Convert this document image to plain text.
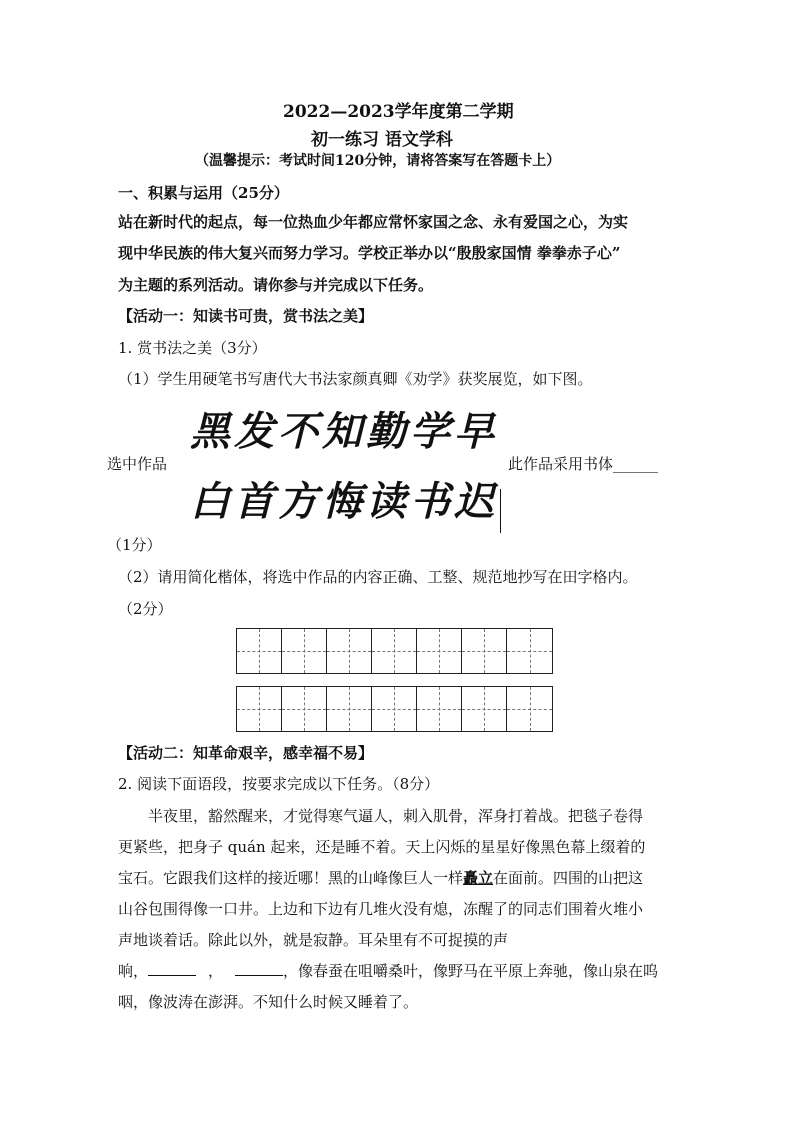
2022—2023学年度第二学期
初一练习 语文学科
（温馨提示：考试时间120分钟，请将答案写在答题卡上）
一、积累与运用（25分）
站在新时代的起点，每一位热血少年都应常怀家国之念、永有爱国之心，为实
现中华民族的伟大复兴而努力学习。学校正举办以“殷殷家国情 拳拳赤子心”
为主题的系列活动。请你参与并完成以下任务。
【活动一：知读书可贵，赏书法之美】
1. 赏书法之美（3分）
（1）学生用硬笔书写唐代大书法家颜真卿《劝学》获奖展览，如下图。
选中作品
黑发不知勤学早
白首方悔读书迟
此作品采用书体______
（1分）
（2）请用简化楷体，将选中作品的内容正确、工整、规范地抄写在田字格内。
（2分）
【活动二：知革命艰辛，感幸福不易】
2. 阅读下面语段，按要求完成以下任务。（8分）
半夜里，豁然醒来，才觉得寒气逼人，刺入肌骨，浑身打着战。把毯子卷得
更紧些，把身子 quán 起来，还是睡不着。天上闪烁的星星好像黑色幕上缀着的
宝石。它跟我们这样的接近哪！黑的山峰像巨人一样矗立在面前。四围的山把这
山谷包围得像一口井。上边和下边有几堆火没有熄，冻醒了的同志们围着火堆小
声地谈着话。除此以外，就是寂静。耳朵里有不可捉摸的声
响，	，	，像春蚕在咀嚼桑叶，像野马在平原上奔驰，像山泉在呜
咽，像波涛在澎湃。不知什么时候又睡着了。
